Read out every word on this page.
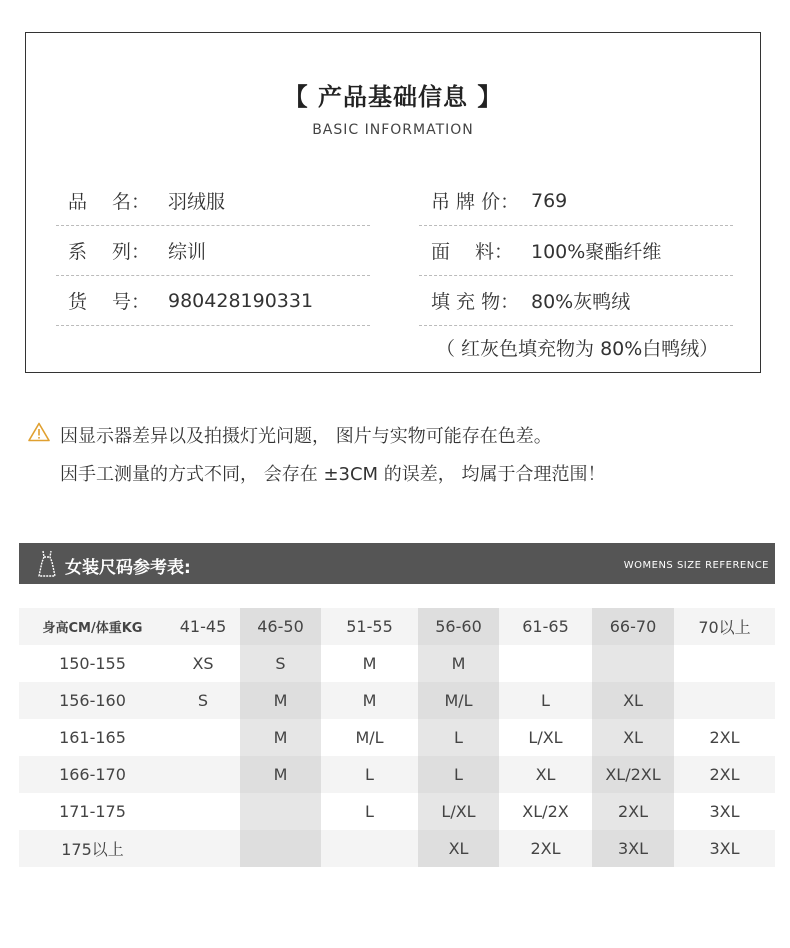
【 产品基础信息 】
BASIC INFORMATION
品　 名： 羽绒服
系　 列： 综训
货　 号： 980428190331
吊 牌 价： 769
面　 料： 100%聚酯纤维
填 充 物： 80%灰鸭绒
（ 红灰色填充物为 80%白鸭绒）
因显示器差异以及拍摄灯光问题， 图片与实物可能存在色差。
因手工测量的方式不同， 会存在 ±3CM 的误差， 均属于合理范围！
女装尺码参考表:	WOMENS SIZE REFERENCE
身高CM/体重KG	41-45	46-50	51-55	56-60	61-65	66-70	70以上
150-155	XS	S	M	M			
156-160	S	M	M	M/L	L	XL	
161-165		M	M/L	L	L/XL	XL	2XL
166-170		M	L	L	XL	XL/2XL	2XL
171-175			L	L/XL	XL/2X	2XL	3XL
175以上				XL	2XL	3XL	3XL
